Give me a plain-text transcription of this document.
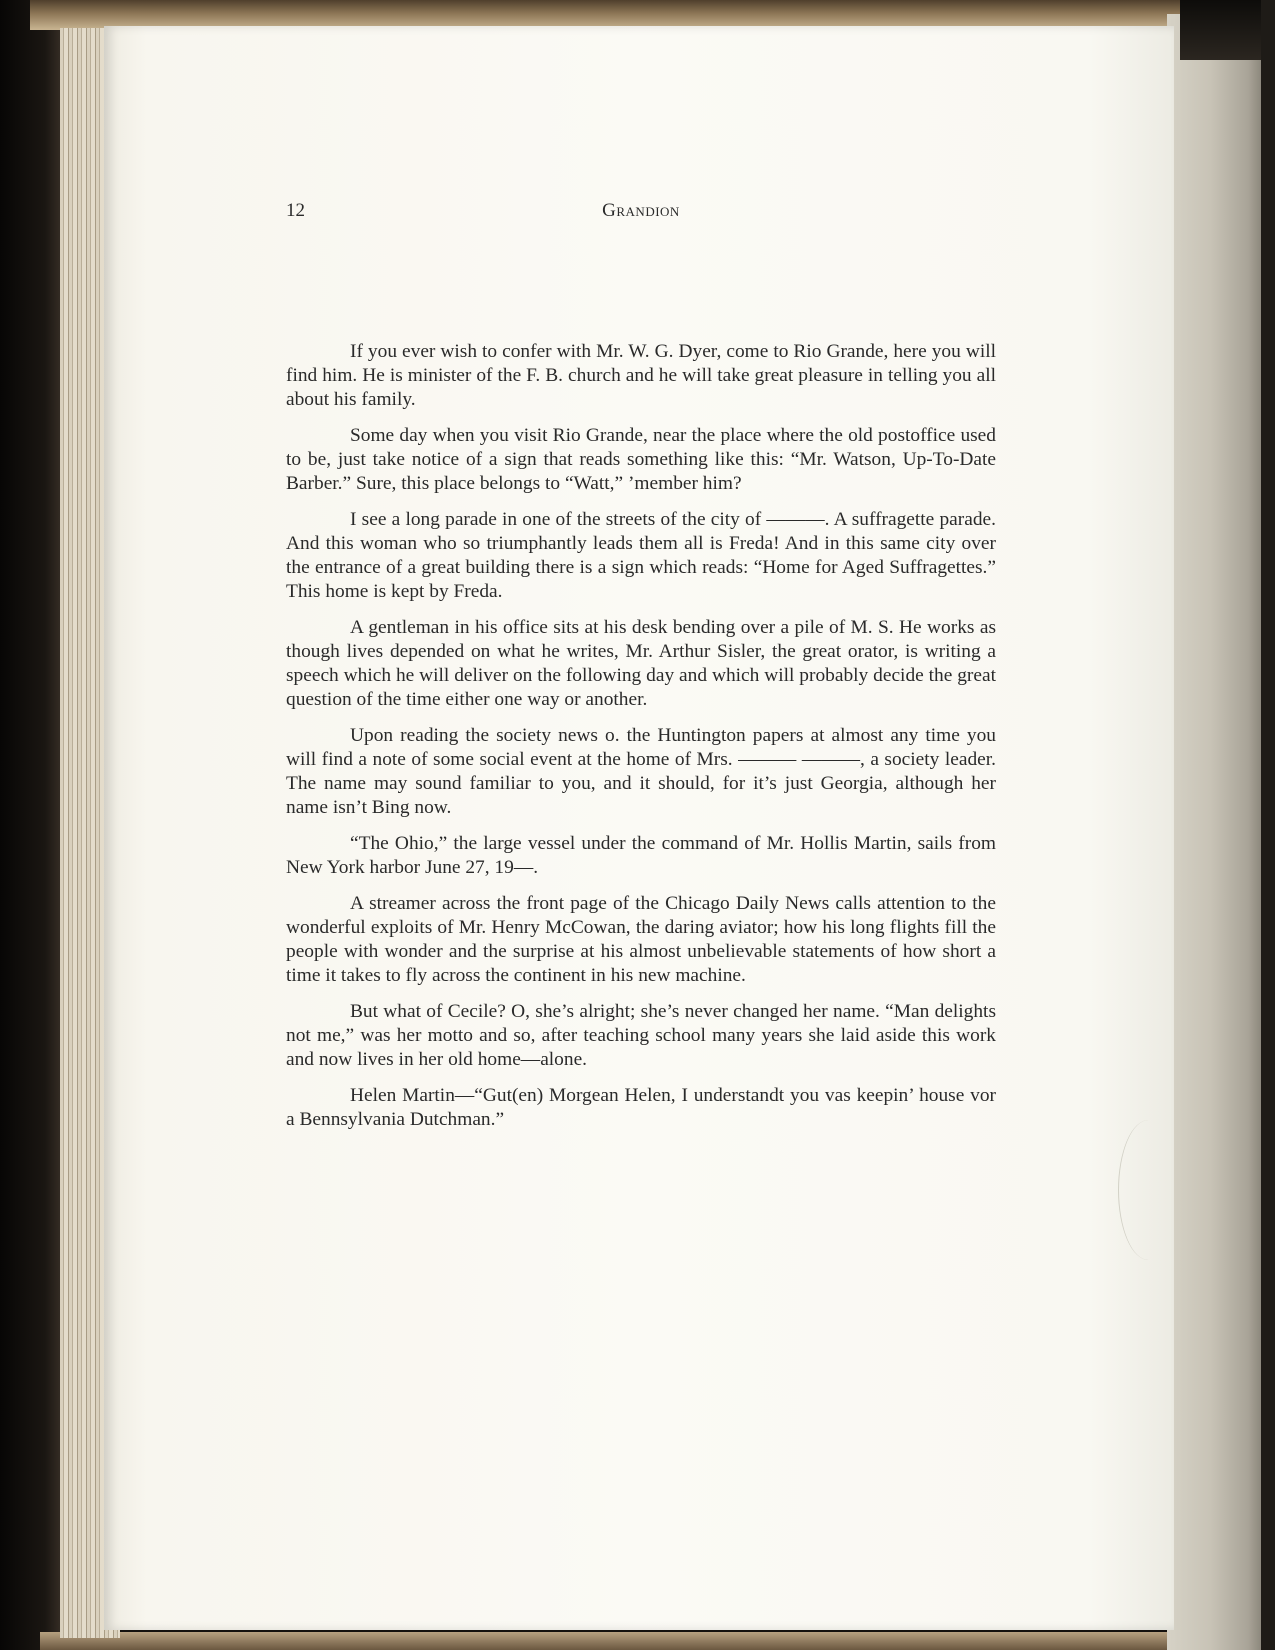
12	Grandion

If you ever wish to confer with Mr. W. G. Dyer, come to Rio Grande, here you will find him. He is minister of the F. B. church and he will take great pleasure in telling you all about his family.

Some day when you visit Rio Grande, near the place where the old postoffice used to be, just take notice of a sign that reads something like this: “Mr. Watson, Up-To-Date Barber.” Sure, this place belongs to “Watt,” ’member him?

I see a long parade in one of the streets of the city of ———. A suffragette parade. And this woman who so triumphantly leads them all is Freda! And in this same city over the entrance of a great building there is a sign which reads: “Home for Aged Suffragettes.” This home is kept by Freda.

A gentleman in his office sits at his desk bending over a pile of M. S. He works as though lives depended on what he writes, Mr. Arthur Sisler, the great orator, is writing a speech which he will deliver on the following day and which will probably decide the great question of the time either one way or another.

Upon reading the society news o. the Huntington papers at almost any time you will find a note of some social event at the home of Mrs. ——— ———, a society leader. The name may sound familiar to you, and it should, for it’s just Georgia, although her name isn’t Bing now.

“The Ohio,” the large vessel under the command of Mr. Hollis Martin, sails from New York harbor June 27, 19—.

A streamer across the front page of the Chicago Daily News calls attention to the wonderful exploits of Mr. Henry McCowan, the daring aviator; how his long flights fill the people with wonder and the surprise at his almost unbelievable statements of how short a time it takes to fly across the continent in his new machine.

But what of Cecile? O, she’s alright; she’s never changed her name. “Man delights not me,” was her motto and so, after teaching school many years she laid aside this work and now lives in her old home—alone.

Helen Martin—“Gut(en) Morgean Helen, I understandt you vas keepin’ house vor a Bennsylvania Dutchman.”
